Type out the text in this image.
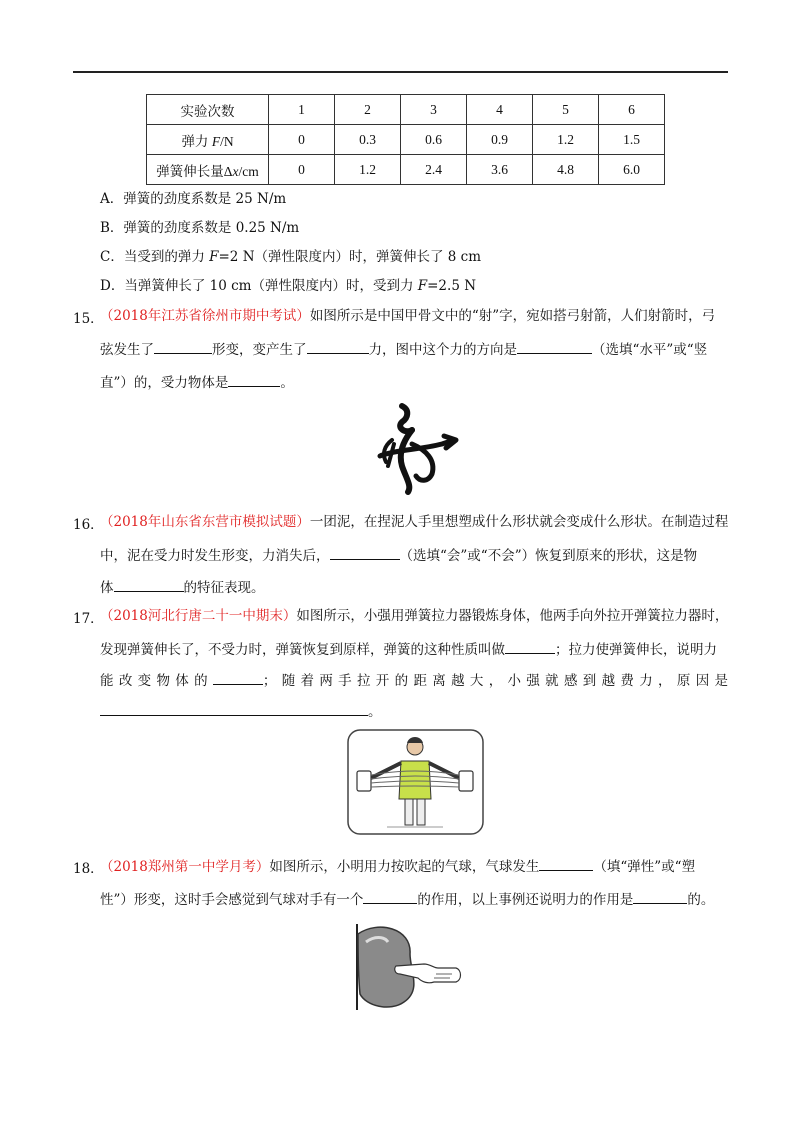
实验次数	1	2	3	4	5	6
弹力 F/N	0	0.3	0.6	0.9	1.2	1.5
弹簧伸长量Δx/cm	0	1.2	2.4	3.6	4.8	6.0
A．弹簧的劲度系数是 25 N/m
B．弹簧的劲度系数是 0.25 N/m
C．当受到的弹力 F=2 N（弹性限度内）时，弹簧伸长了 8 cm
D．当弹簧伸长了 10 cm（弹性限度内）时，受到力 F=2.5 N
15．
（2018年江苏省徐州市期中考试）如图所示是中国甲骨文中的“射”字，宛如搭弓射箭，人们射箭时，弓
弦发生了	形变，变产生了	力，图中这个力的方向是	（选填“水平”或“竖
直”）的，受力物体是	。
16．
（2018年山东省东营市模拟试题）一团泥，在捏泥人手里想塑成什么形状就会变成什么形状。在制造过程
中，泥在受力时发生形变，力消失后，	（选填“会”或“不会”）恢复到原来的形状，这是物
体	的特征表现。
17．
（2018河北行唐二十一中期末）如图所示，小强用弹簧拉力器锻炼身体，他两手向外拉开弹簧拉力器时，
发现弹簧伸长了，不受力时，弹簧恢复到原样，弹簧的这种性质叫做	；拉力使弹簧伸长，说明力
能改变物体的	；随着两手拉开的距离越大，小强就感到越费力，原因是
。
18．
（2018郑州第一中学月考）如图所示，小明用力按吹起的气球，气球发生	（填“弹性”或“塑
性”）形变，这时手会感觉到气球对手有一个	的作用，以上事例还说明力的作用是	的。
